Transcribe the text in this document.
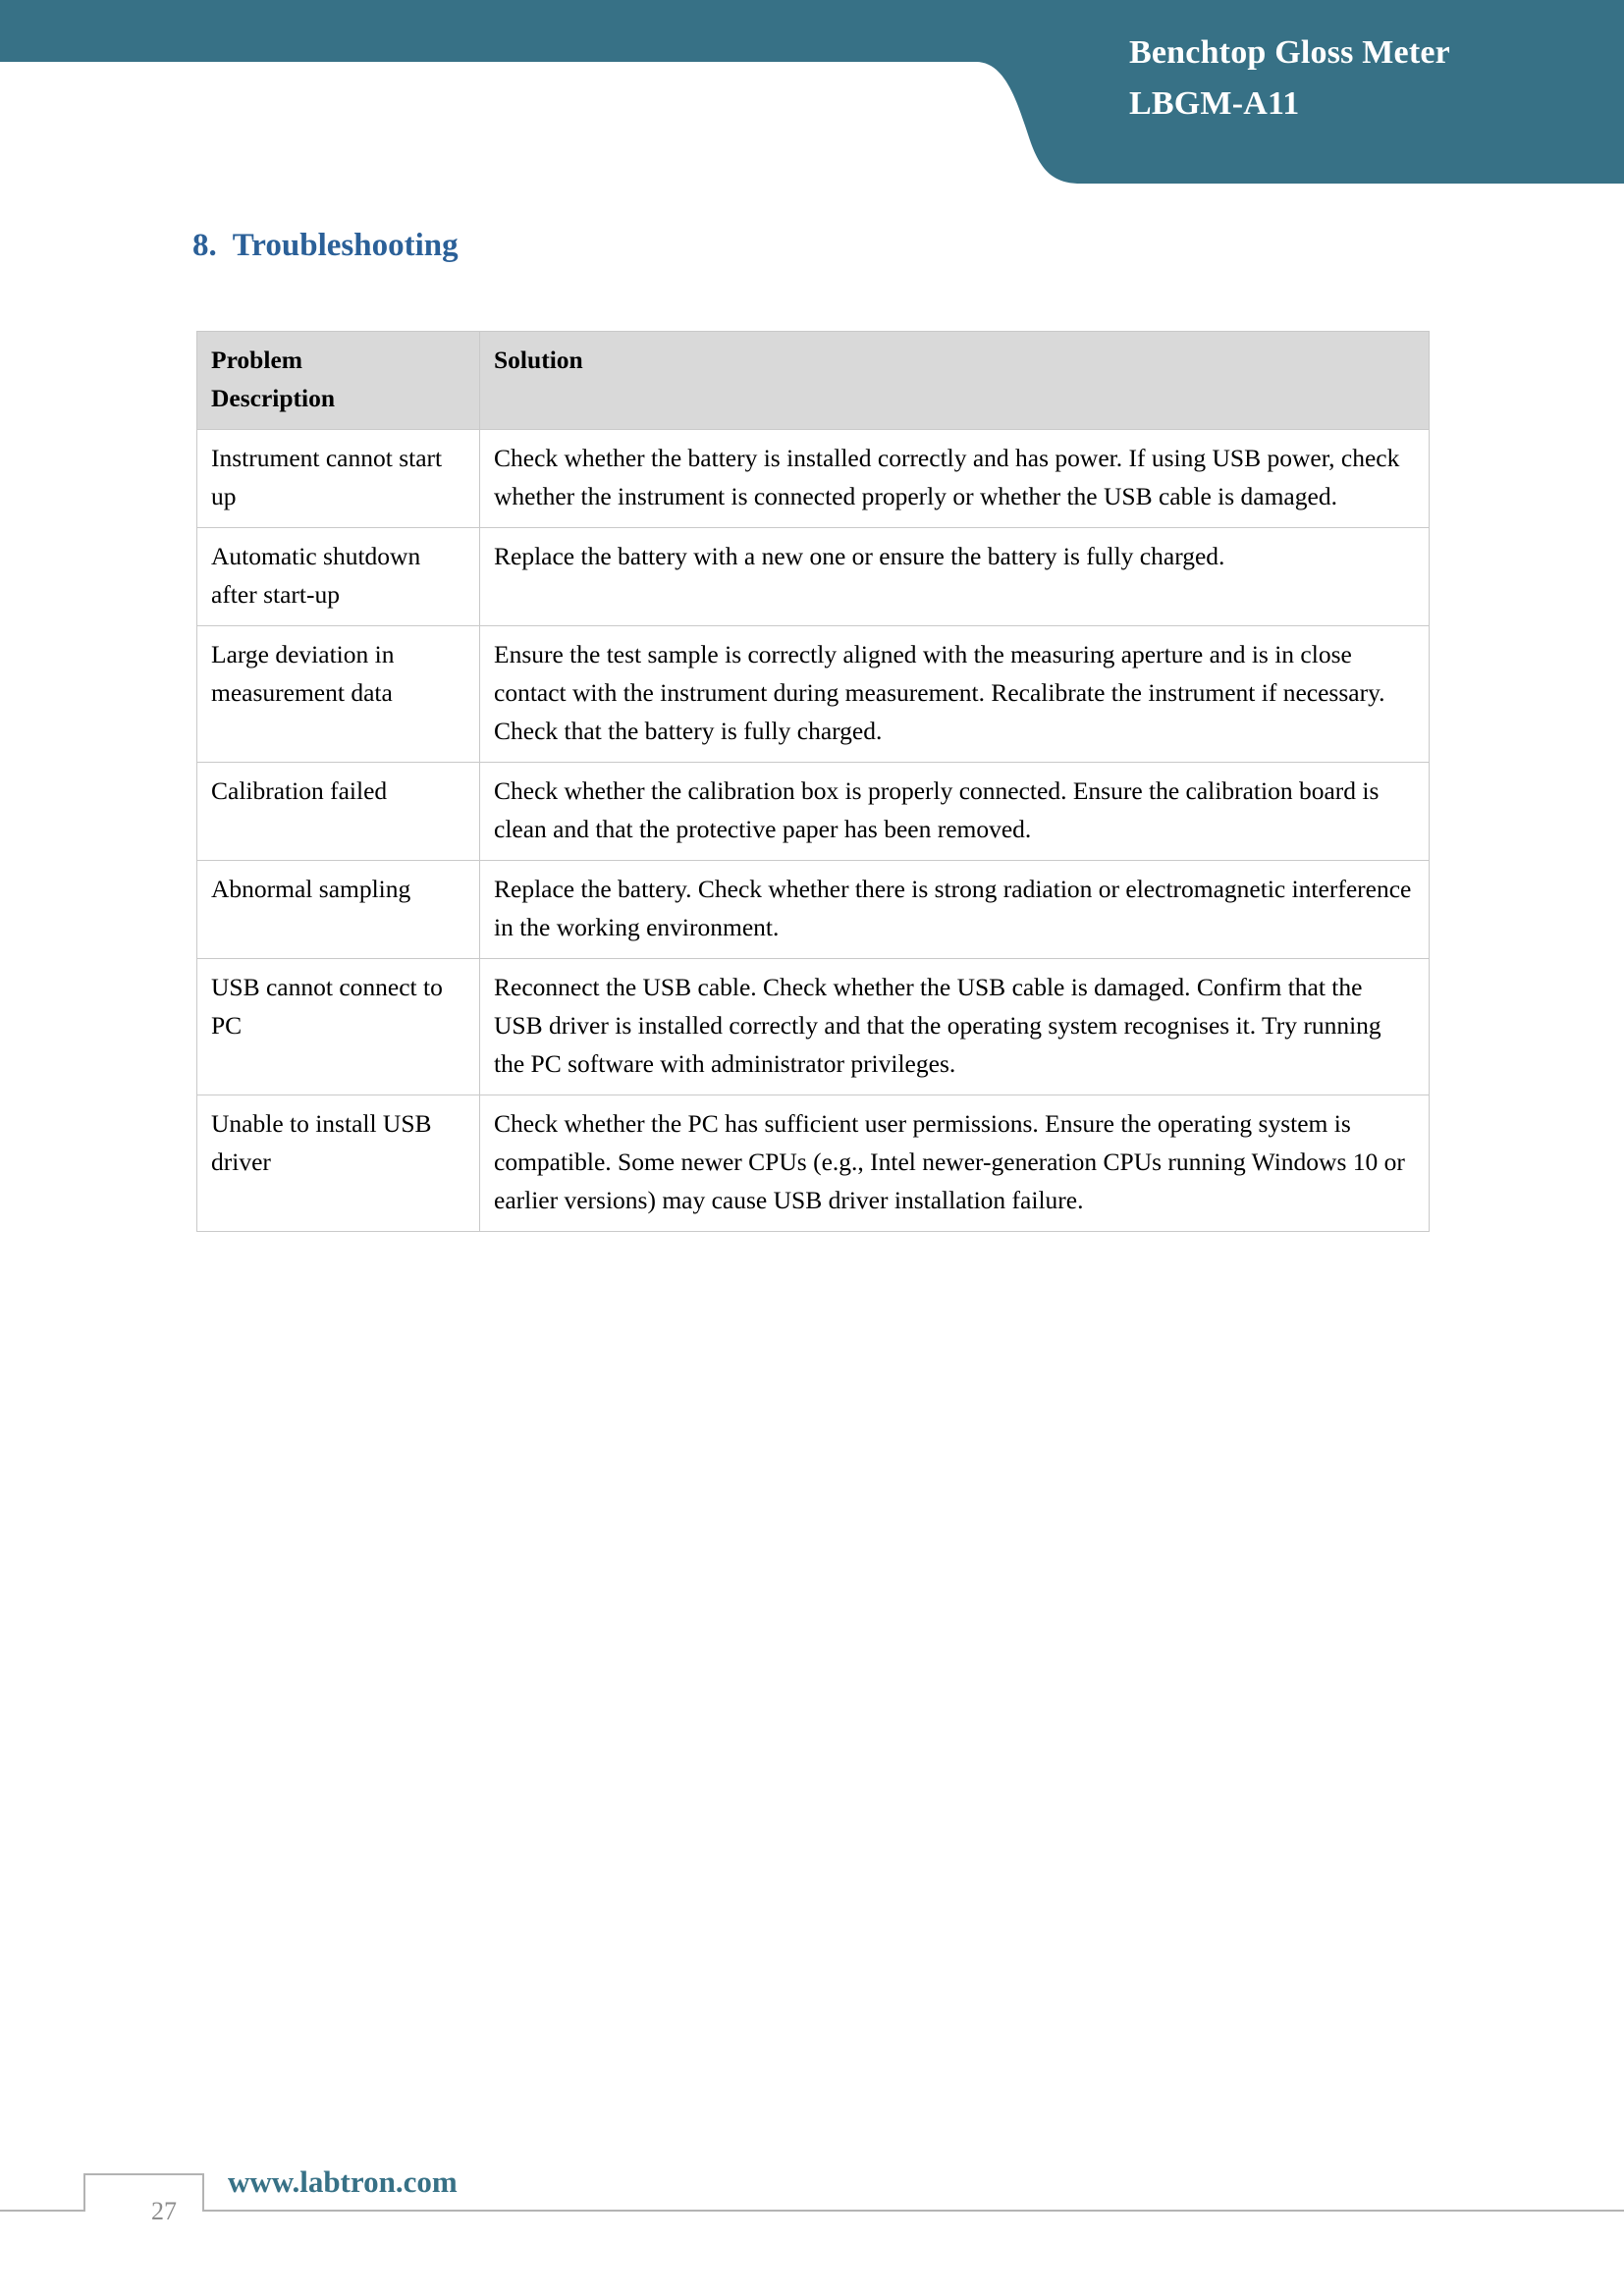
Benchtop Gloss Meter
LBGM-A11
8. Troubleshooting
Problem
Description	Solution
Instrument cannot start up	Check whether the battery is installed correctly and has power. If using USB power, check whether the instrument is connected properly or whether the USB cable is damaged.
Automatic shutdown after start-up	Replace the battery with a new one or ensure the battery is fully charged.
Large deviation in measurement data	Ensure the test sample is correctly aligned with the measuring aperture and is in close contact with the instrument during measurement. Recalibrate the instrument if necessary. Check that the battery is fully charged.
Calibration failed	Check whether the calibration box is properly connected. Ensure the calibration board is clean and that the protective paper has been removed.
Abnormal sampling	Replace the battery. Check whether there is strong radiation or electromagnetic interference in the working environment.
USB cannot connect to PC	Reconnect the USB cable. Check whether the USB cable is damaged. Confirm that the USB driver is installed correctly and that the operating system recognises it. Try running the PC software with administrator privileges.
Unable to install USB driver	Check whether the PC has sufficient user permissions. Ensure the operating system is compatible. Some newer CPUs (e.g., Intel newer-generation CPUs running Windows 10 or earlier versions) may cause USB driver installation failure.
27
www.labtron.com
